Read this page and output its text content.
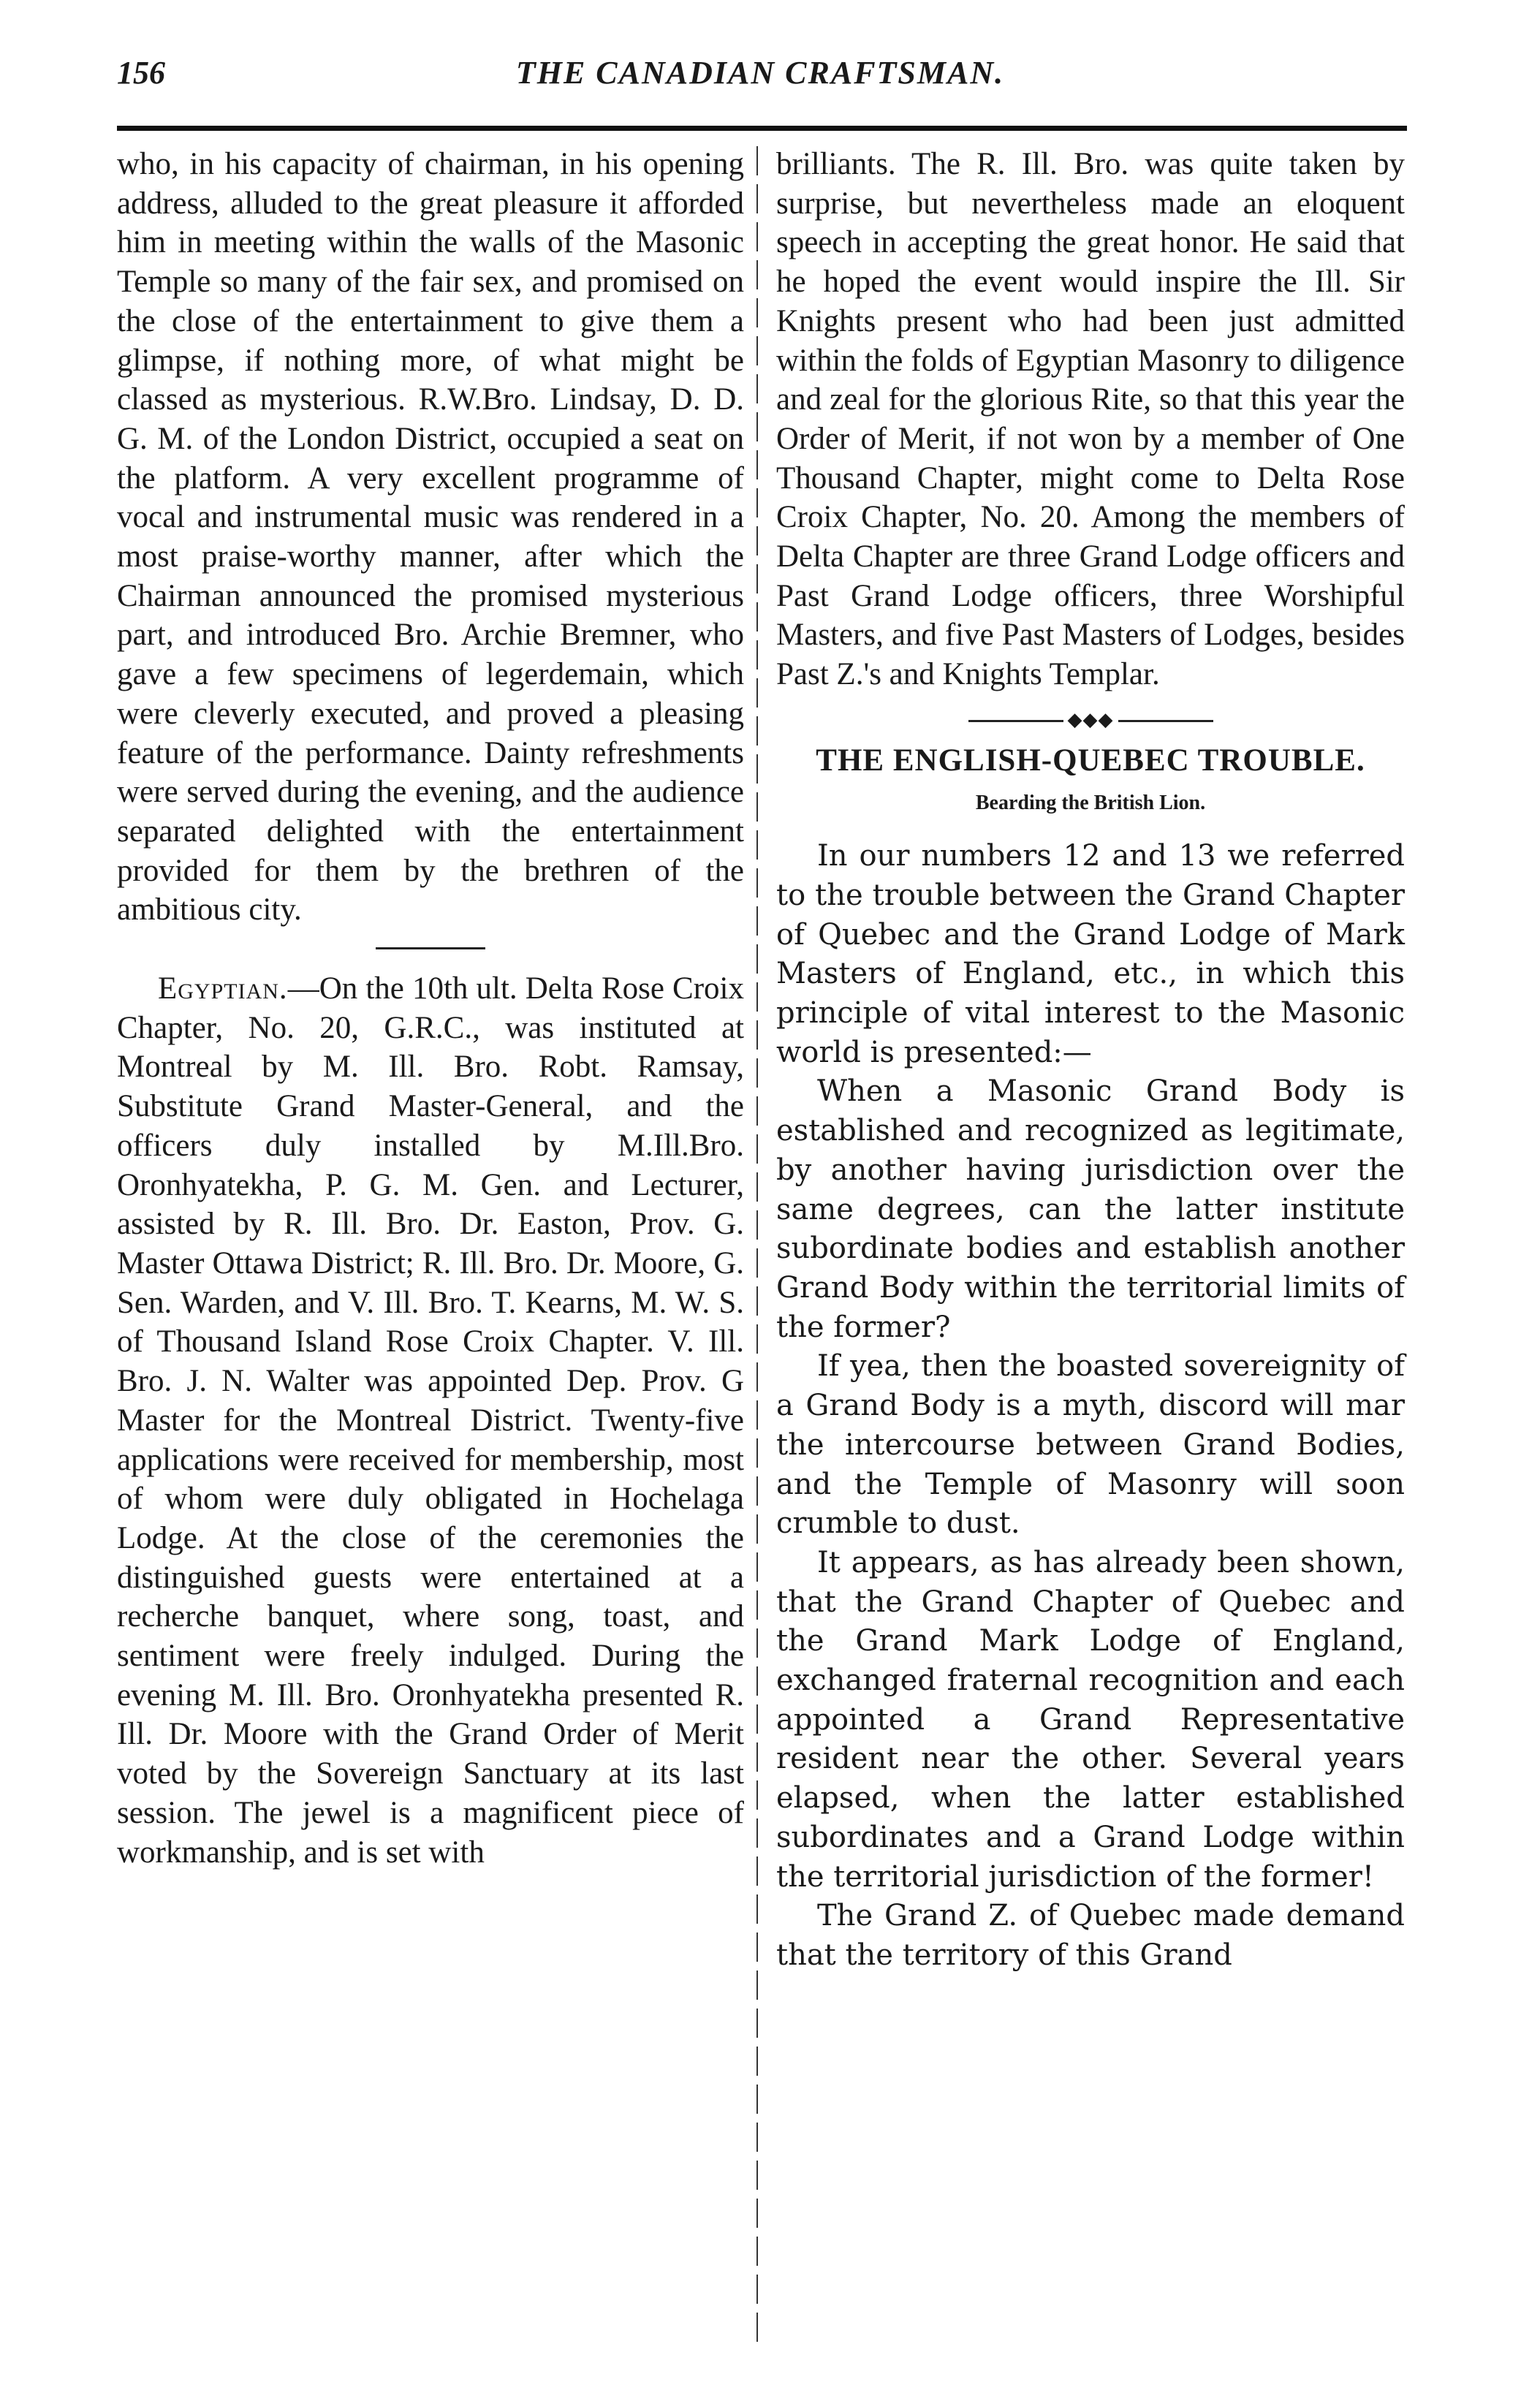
THE CANADIAN CRAFTSMAN.
156

who, in his capacity of chairman, in his opening address, alluded to the great pleasure it afforded him in meeting within the walls of the Masonic Temple so many of the fair sex, and promised on the close of the entertainment to give them a glimpse, if nothing more, of what might be classed as mysterious. R.W.Bro. Lindsay, D. D. G. M. of the London District, occupied a seat on the platform. A very excellent programme of vocal and instrumental music was rendered in a most praise-worthy manner, after which the Chairman announced the promised mysterious part, and introduced Bro. Archie Bremner, who gave a few specimens of legerdemain, which were cleverly executed, and proved a pleasing feature of the performance. Dainty refreshments were served during the evening, and the audience separated delighted with the entertainment provided for them by the brethren of the ambitious city.

Egyptian.—On the 10th ult. Delta Rose Croix Chapter, No. 20, G.R.C., was instituted at Montreal by M. Ill. Bro. Robt. Ramsay, Substitute Grand Master-General, and the officers duly installed by M.Ill.Bro. Oronhyatekha, P. G. M. Gen. and Lecturer, assisted by R. Ill. Bro. Dr. Easton, Prov. G. Master Ottawa District; R. Ill. Bro. Dr. Moore, G. Sen. Warden, and V. Ill. Bro. T. Kearns, M. W. S. of Thousand Island Rose Croix Chapter. V. Ill. Bro. J. N. Walter was appointed Dep. Prov. G Master for the Montreal District. Twenty-five applications were received for membership, most of whom were duly obligated in Hochelaga Lodge. At the close of the ceremonies the distinguished guests were entertained at a recherche banquet, where song, toast, and sentiment were freely indulged. During the evening M. Ill. Bro. Oronhyatekha presented R. Ill. Dr. Moore with the Grand Order of Merit voted by the Sovereign Sanctuary at its last session. The jewel is a magnificent piece of workmanship, and is set with

brilliants. The R. Ill. Bro. was quite taken by surprise, but nevertheless made an eloquent speech in accepting the great honor. He said that he hoped the event would inspire the Ill. Sir Knights present who had been just admitted within the folds of Egyptian Masonry to diligence and zeal for the glorious Rite, so that this year the Order of Merit, if not won by a member of One Thousand Chapter, might come to Delta Rose Croix Chapter, No. 20. Among the members of Delta Chapter are three Grand Lodge officers and Past Grand Lodge officers, three Worshipful Masters, and five Past Masters of Lodges, besides Past Z.'s and Knights Templar.

◆◆◆
THE ENGLISH-QUEBEC TROUBLE.
Bearding the British Lion.

In our numbers 12 and 13 we referred to the trouble between the Grand Chapter of Quebec and the Grand Lodge of Mark Masters of England, etc., in which this principle of vital interest to the Masonic world is presented:—

When a Masonic Grand Body is established and recognized as legitimate, by another having jurisdiction over the same degrees, can the latter institute subordinate bodies and establish another Grand Body within the territorial limits of the former?

If yea, then the boasted sovereignity of a Grand Body is a myth, discord will mar the intercourse between Grand Bodies, and the Temple of Masonry will soon crumble to dust.

It appears, as has already been shown, that the Grand Chapter of Quebec and the Grand Mark Lodge of England, exchanged fraternal recognition and each appointed a Grand Representative resident near the other. Several years elapsed, when the latter established subordinates and a Grand Lodge within the territorial jurisdiction of the former!

The Grand Z. of Quebec made demand that the territory of this Grand
